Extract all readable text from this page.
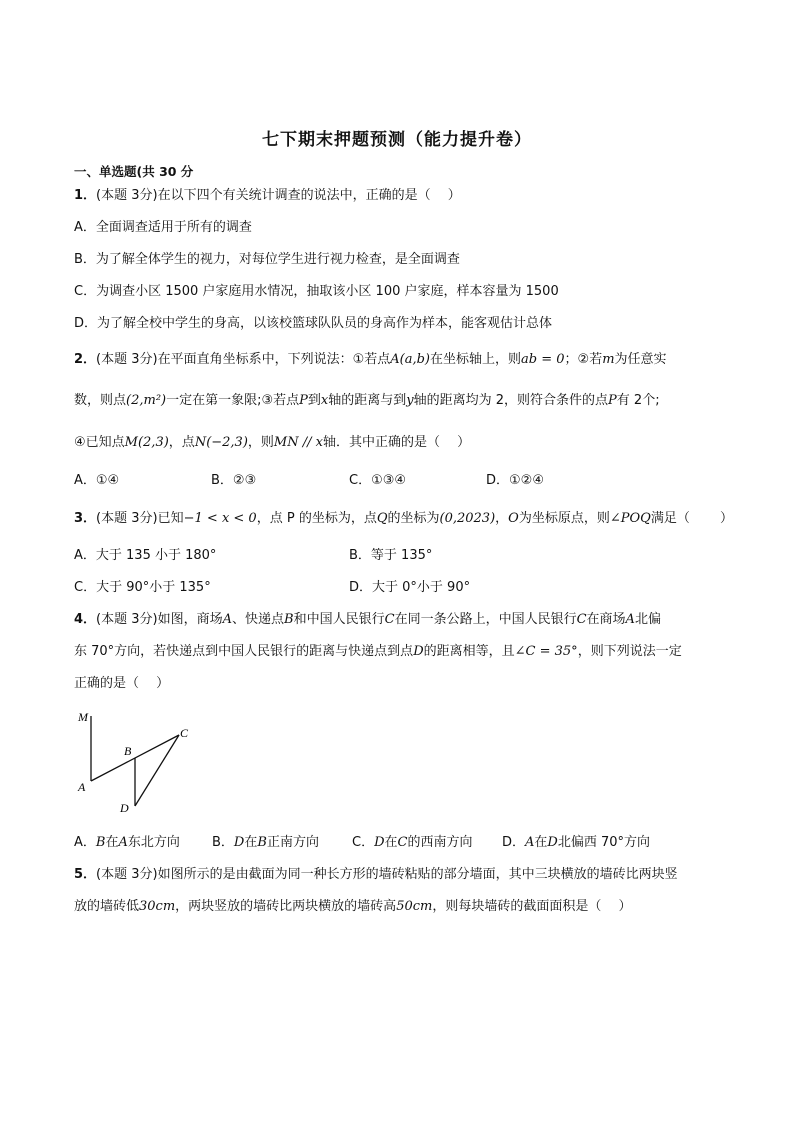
七下期末押题预测（能力提升卷）
一、单选题(共 30 分
1．(本题 3分)在以下四个有关统计调查的说法中，正确的是（　 ）
A．全面调查适用于所有的调查
B．为了解全体学生的视力，对每位学生进行视力检查，是全面调查
C．为调查小区 1500 户家庭用水情况，抽取该小区 100 户家庭，样本容量为 1500
D．为了解全校中学生的身高，以该校篮球队队员的身高作为样本，能客观估计总体
2．(本题 3分)在平面直角坐标系中，下列说法：①若点A(a,b)在坐标轴上，则ab = 0；②若m为任意实
数，则点(2,m²)一定在第一象限;③若点P到x轴的距离与到y轴的距离均为 2，则符合条件的点P有 2个;
④已知点M(2,3)，点N(−2,3)，则MN // x轴．其中正确的是（　 ）
A．①④	B．②③	C．①③④	D．①②④
3．(本题 3分)已知−1 < x < 0，点 P 的坐标为，点Q的坐标为(0,2023)，O为坐标原点，则∠POQ满足（　　 ）
A．大于 135 小于 180°	B．等于 135°
C．大于 90°小于 135°	D．大于 0°小于 90°
4．(本题 3分)如图，商场A、快递点B和中国人民银行C在同一条公路上，中国人民银行C在商场A北偏
东 70°方向，若快递点到中国人民银行的距离与快递点到点D的距离相等，且∠C = 35°，则下列说法一定
正确的是（　 ）
M
A
B
C
D
A．B在A东北方向 B．D在B正南方向	C．D在C的西南方向 D．A在D北偏西 70°方向
5．(本题 3分)如图所示的是由截面为同一种长方形的墙砖粘贴的部分墙面，其中三块横放的墙砖比两块竖
放的墙砖低30cm，两块竖放的墙砖比两块横放的墙砖高50cm，则每块墙砖的截面面积是（　 ）
